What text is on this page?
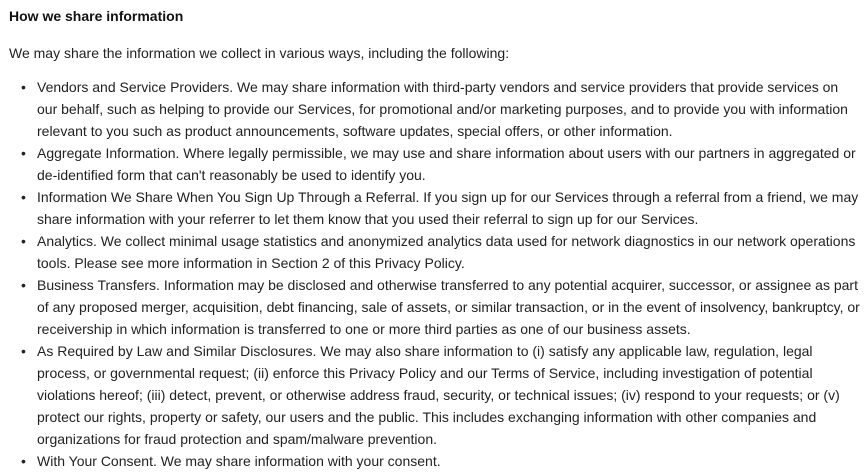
How we share information
We may share the information we collect in various ways, including the following:
• Vendors and Service Providers. We may share information with third-party vendors and service providers that provide services on our behalf, such as helping to provide our Services, for promotional and/or marketing purposes, and to provide you with information relevant to you such as product announcements, software updates, special offers, or other information.
• Aggregate Information. Where legally permissible, we may use and share information about users with our partners in aggregated or de-identified form that can't reasonably be used to identify you.
• Information We Share When You Sign Up Through a Referral. If you sign up for our Services through a referral from a friend, we may share information with your referrer to let them know that you used their referral to sign up for our Services.
• Analytics. We collect minimal usage statistics and anonymized analytics data used for network diagnostics in our network operations tools. Please see more information in Section 2 of this Privacy Policy.
• Business Transfers. Information may be disclosed and otherwise transferred to any potential acquirer, successor, or assignee as part of any proposed merger, acquisition, debt financing, sale of assets, or similar transaction, or in the event of insolvency, bankruptcy, or receivership in which information is transferred to one or more third parties as one of our business assets.
• As Required by Law and Similar Disclosures. We may also share information to (i) satisfy any applicable law, regulation, legal process, or governmental request; (ii) enforce this Privacy Policy and our Terms of Service, including investigation of potential violations hereof; (iii) detect, prevent, or otherwise address fraud, security, or technical issues; (iv) respond to your requests; or (v) protect our rights, property or safety, our users and the public. This includes exchanging information with other companies and organizations for fraud protection and spam/malware prevention.
• With Your Consent. We may share information with your consent.
